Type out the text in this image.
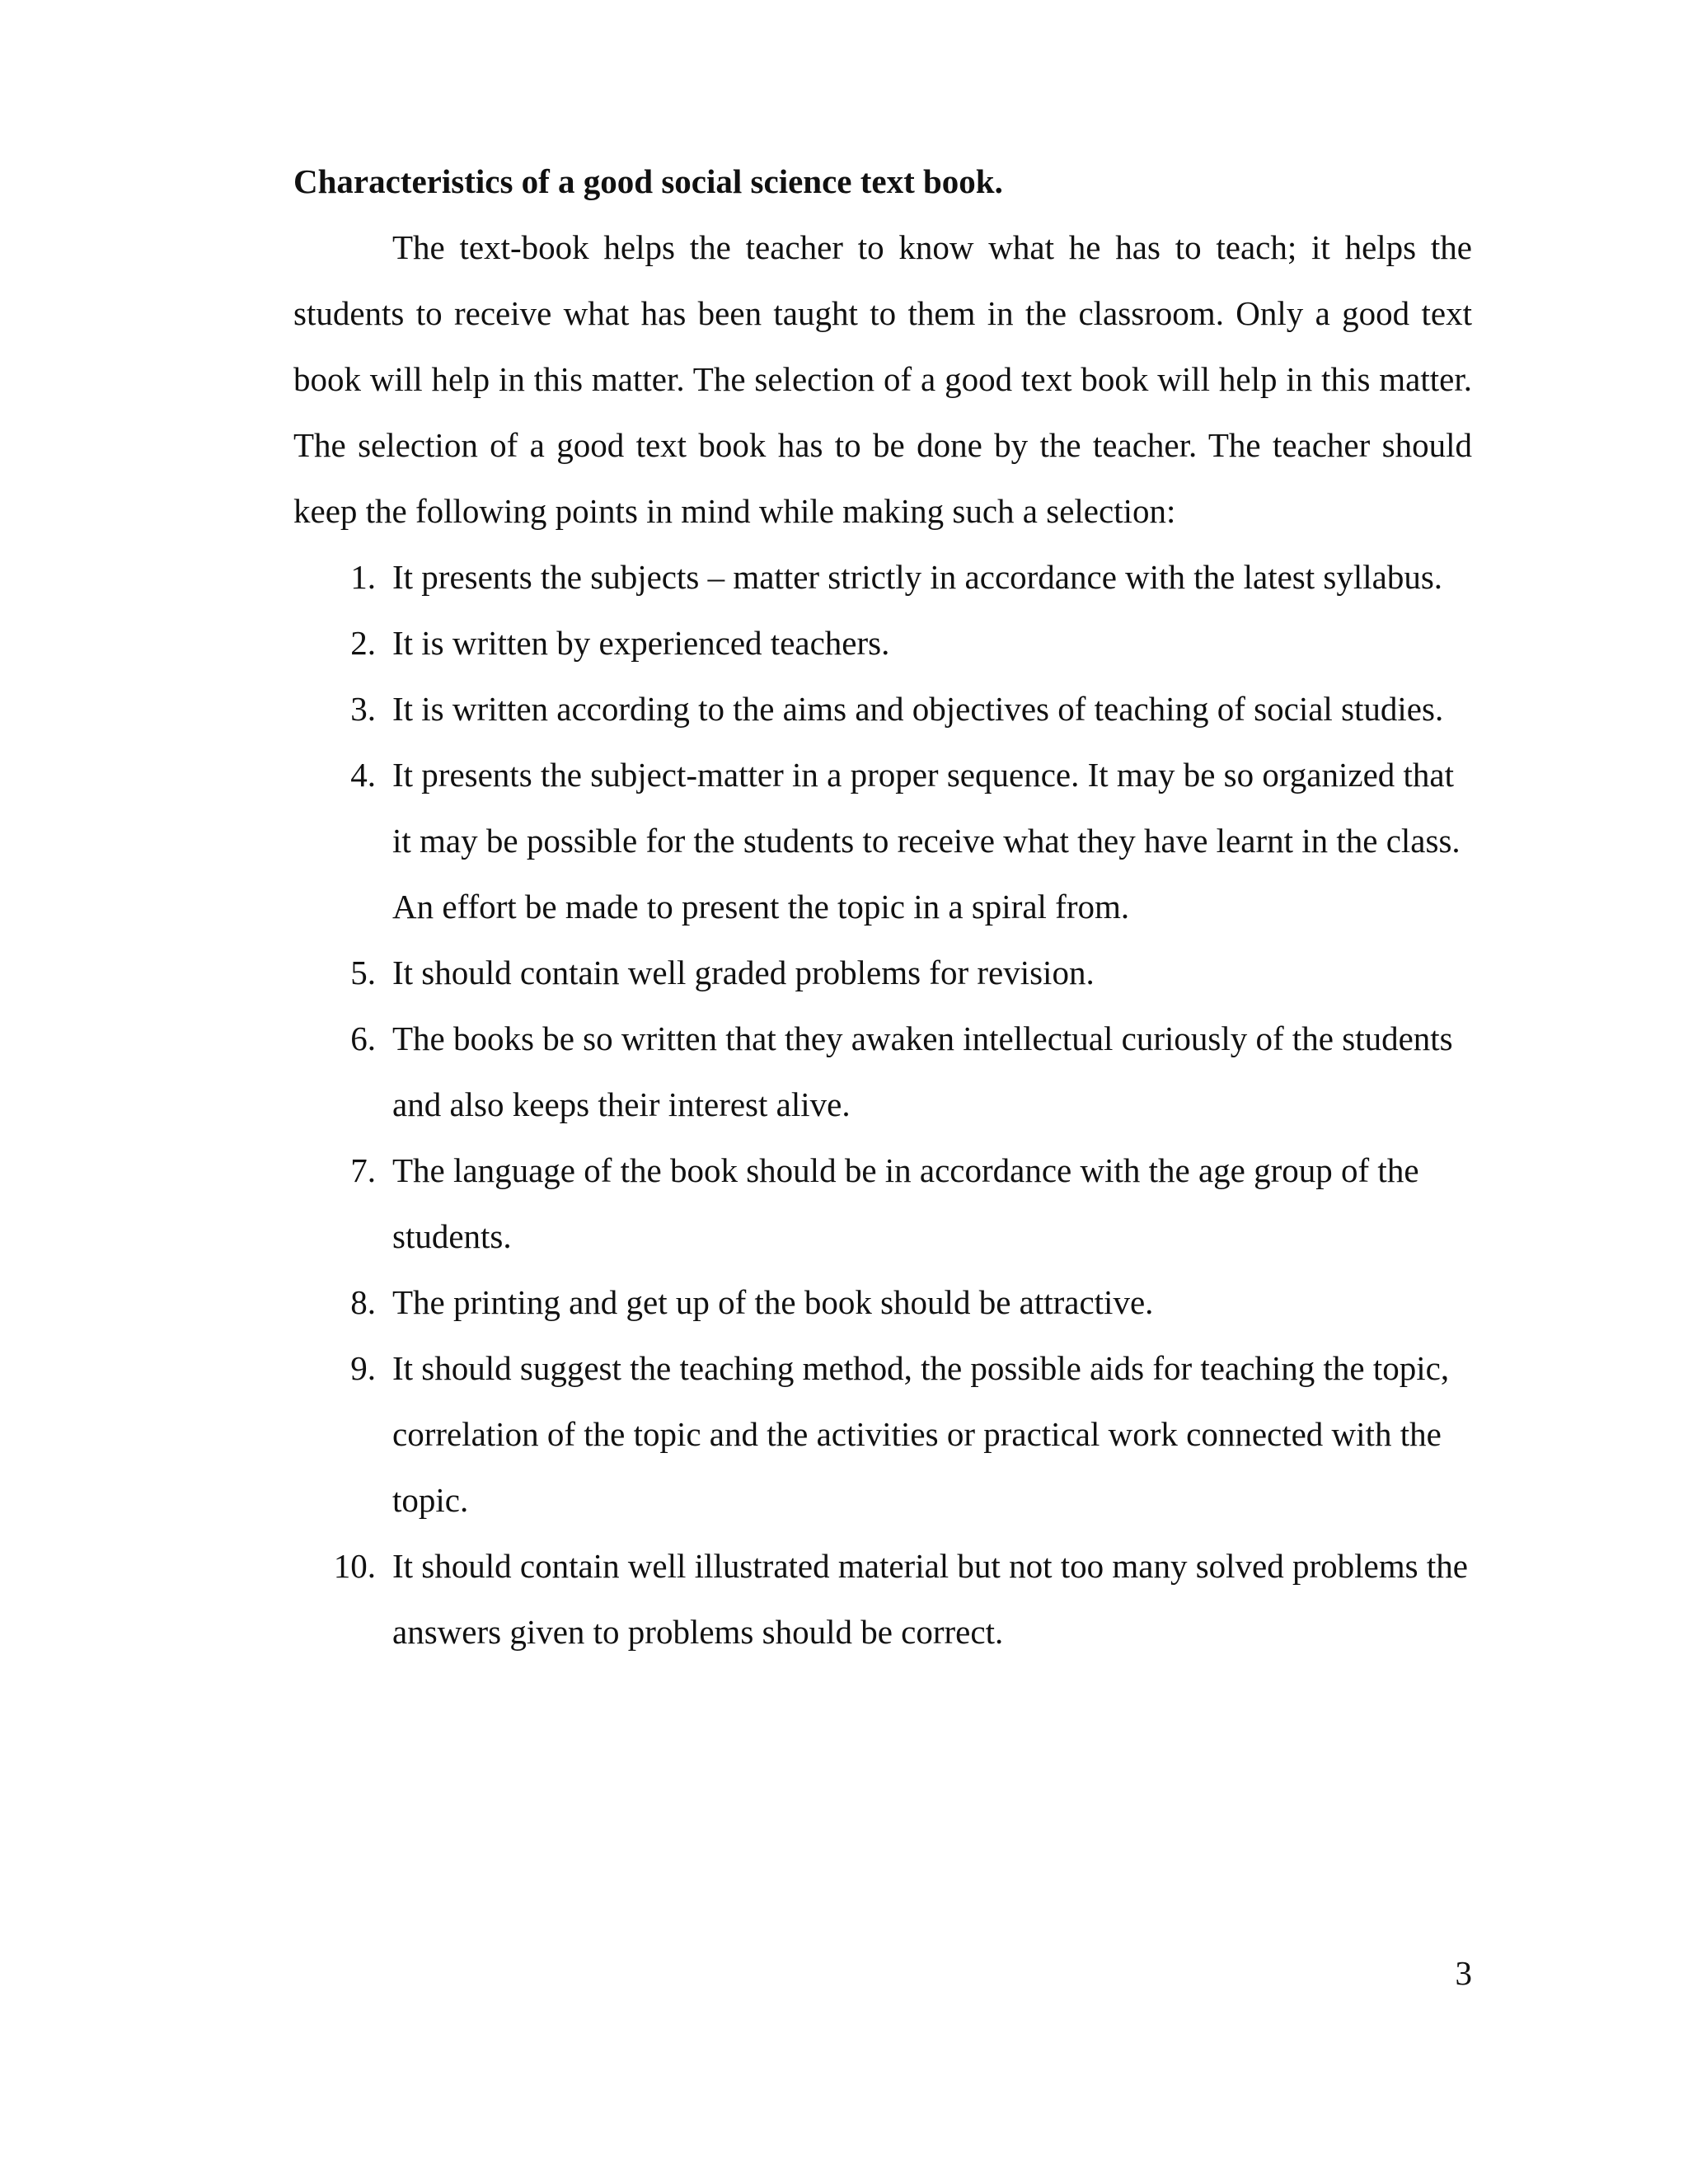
Characteristics of a good social science text book.

The text-book helps the teacher to know what he has to teach; it helps the students to receive what has been taught to them in the classroom. Only a good text book will help in this matter. The selection of a good text book will help in this matter. The selection of a good text book has to be done by the teacher. The teacher should keep the following points in mind while making such a selection:

1. It presents the subjects – matter strictly in accordance with the latest syllabus.
2. It is written by experienced teachers.
3. It is written according to the aims and objectives of teaching of social studies.
4. It presents the subject-matter in a proper sequence. It may be so organized that it may be possible for the students to receive what they have learnt in the class. An effort be made to present the topic in a spiral from.
5. It should contain well graded problems for revision.
6. The books be so written that they awaken intellectual curiously of the students and also keeps their interest alive.
7. The language of the book should be in accordance with the age group of the students.
8. The printing and get up of the book should be attractive.
9. It should suggest the teaching method, the possible aids for teaching the topic, correlation of the topic and the activities or practical work connected with the topic.
10. It should contain well illustrated material but not too many solved problems the answers given to problems should be correct.
3
